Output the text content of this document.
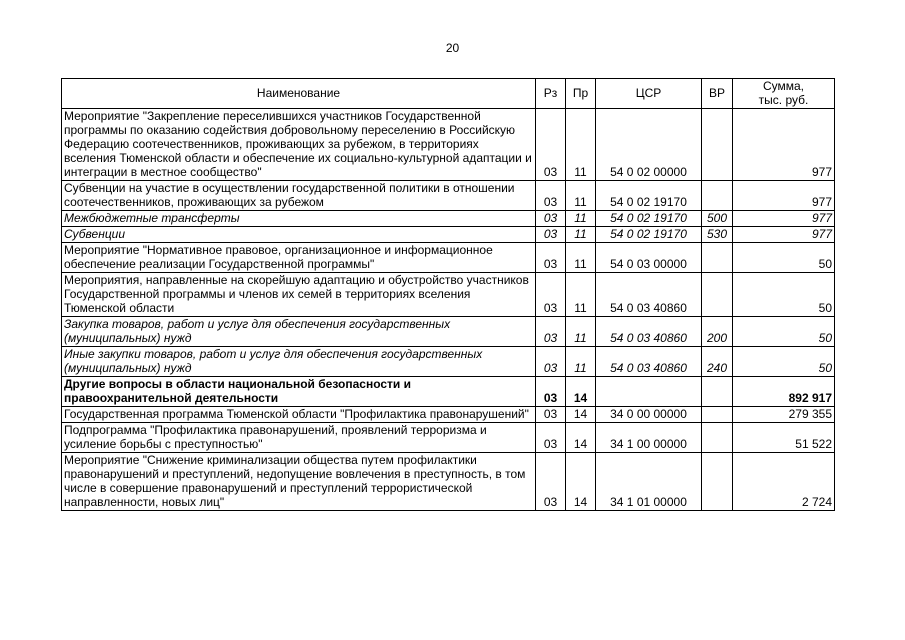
20
Наименование	Рз	Пр	ЦСР	ВР	Сумма,
тыс. руб.
Мероприятие "Закрепление переселившихся участников Государственной программы по оказанию содействия добровольному переселению в Российскую Федерацию соотечественников, проживающих за рубежом, в территориях вселения Тюменской области и обеспечение их социально-культурной адаптации и интеграции в местное сообщество"	03	11	54 0 02 00000		977
Субвенции на участие в осуществлении государственной политики в отношении соотечественников, проживающих за рубежом	03	11	54 0 02 19170		977
Межбюджетные трансферты	03	11	54 0 02 19170	500	977
Субвенции	03	11	54 0 02 19170	530	977
Мероприятие "Нормативное правовое, организационное и информационное обеспечение реализации Государственной программы"	03	11	54 0 03 00000		50
Мероприятия, направленные на скорейшую адаптацию и обустройство участников Государственной программы и членов их семей в территориях вселения Тюменской области	03	11	54 0 03 40860		50
Закупка товаров, работ и услуг для обеспечения государственных (муниципальных) нужд	03	11	54 0 03 40860	200	50
Иные закупки товаров, работ и услуг для обеспечения государственных (муниципальных) нужд	03	11	54 0 03 40860	240	50
Другие вопросы в области национальной безопасности и правоохранительной деятельности	03	14			892 917
Государственная программа Тюменской области "Профилактика правонарушений"	03	14	34 0 00 00000		279 355
Подпрограмма "Профилактика правонарушений, проявлений терроризма и усиление борьбы с преступностью"	03	14	34 1 00 00000		51 522
Мероприятие "Снижение криминализации общества путем профилактики правонарушений и преступлений, недопущение вовлечения в преступность, в том числе в совершение правонарушений и преступлений террористической направленности, новых лиц"	03	14	34 1 01 00000		2 724
